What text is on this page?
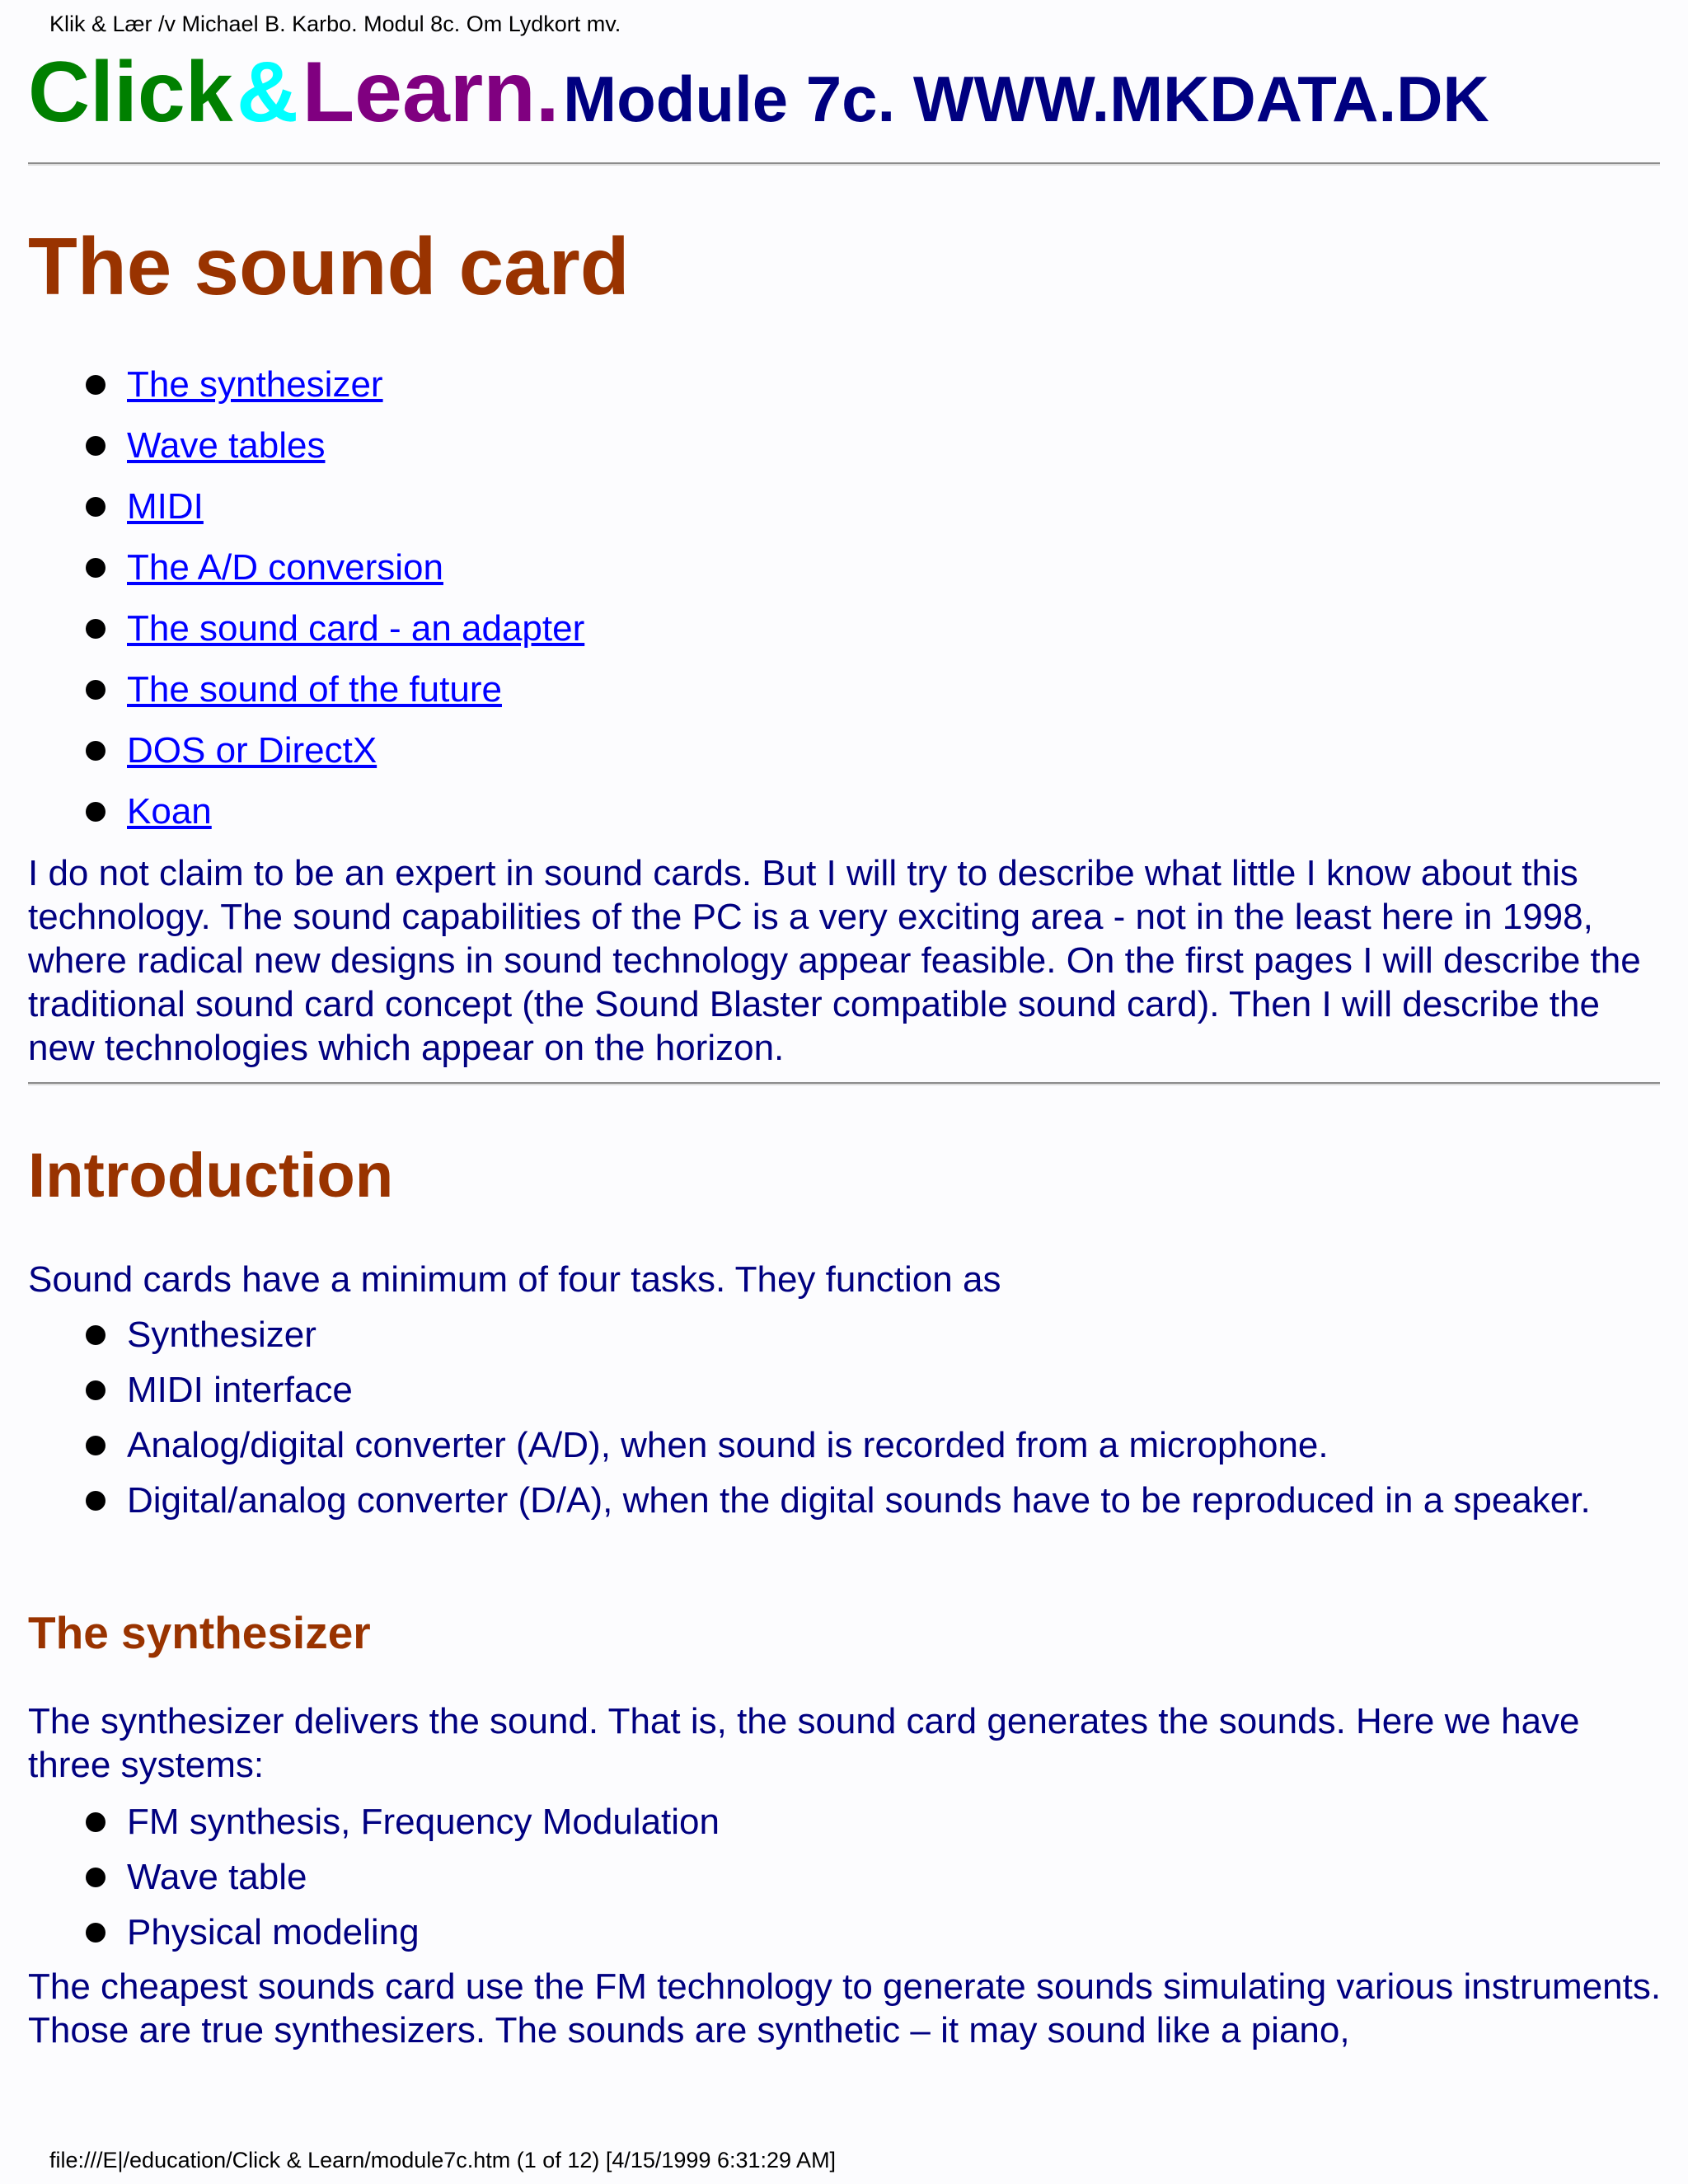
Klik & Lær /v Michael B. Karbo. Modul 8c. Om Lydkort mv.
Click & Learn. Module 7c. WWW.MKDATA.DK
The sound card
The synthesizer
Wave tables
MIDI
The A/D conversion
The sound card - an adapter
The sound of the future
DOS or DirectX
Koan

I do not claim to be an expert in sound cards. But I will try to describe what little I know about this technology. The sound capabilities of the PC is a very exciting area - not in the least here in 1998, where radical new designs in sound technology appear feasible. On the first pages I will describe the traditional sound card concept (the Sound Blaster compatible sound card). Then I will describe the new technologies which appear on the horizon.

Introduction

Sound cards have a minimum of four tasks. They function as

Synthesizer
MIDI interface
Analog/digital converter (A/D), when sound is recorded from a microphone.
Digital/analog converter (D/A), when the digital sounds have to be reproduced in a speaker.
The synthesizer

The synthesizer delivers the sound. That is, the sound card generates the sounds. Here we have three systems:

FM synthesis, Frequency Modulation
Wave table
Physical modeling

The cheapest sounds card use the FM technology to generate sounds simulating various instruments. Those are true synthesizers. The sounds are synthetic – it may sound like a piano,

file:///E|/education/Click & Learn/module7c.htm (1 of 12) [4/15/1999 6:31:29 AM]
